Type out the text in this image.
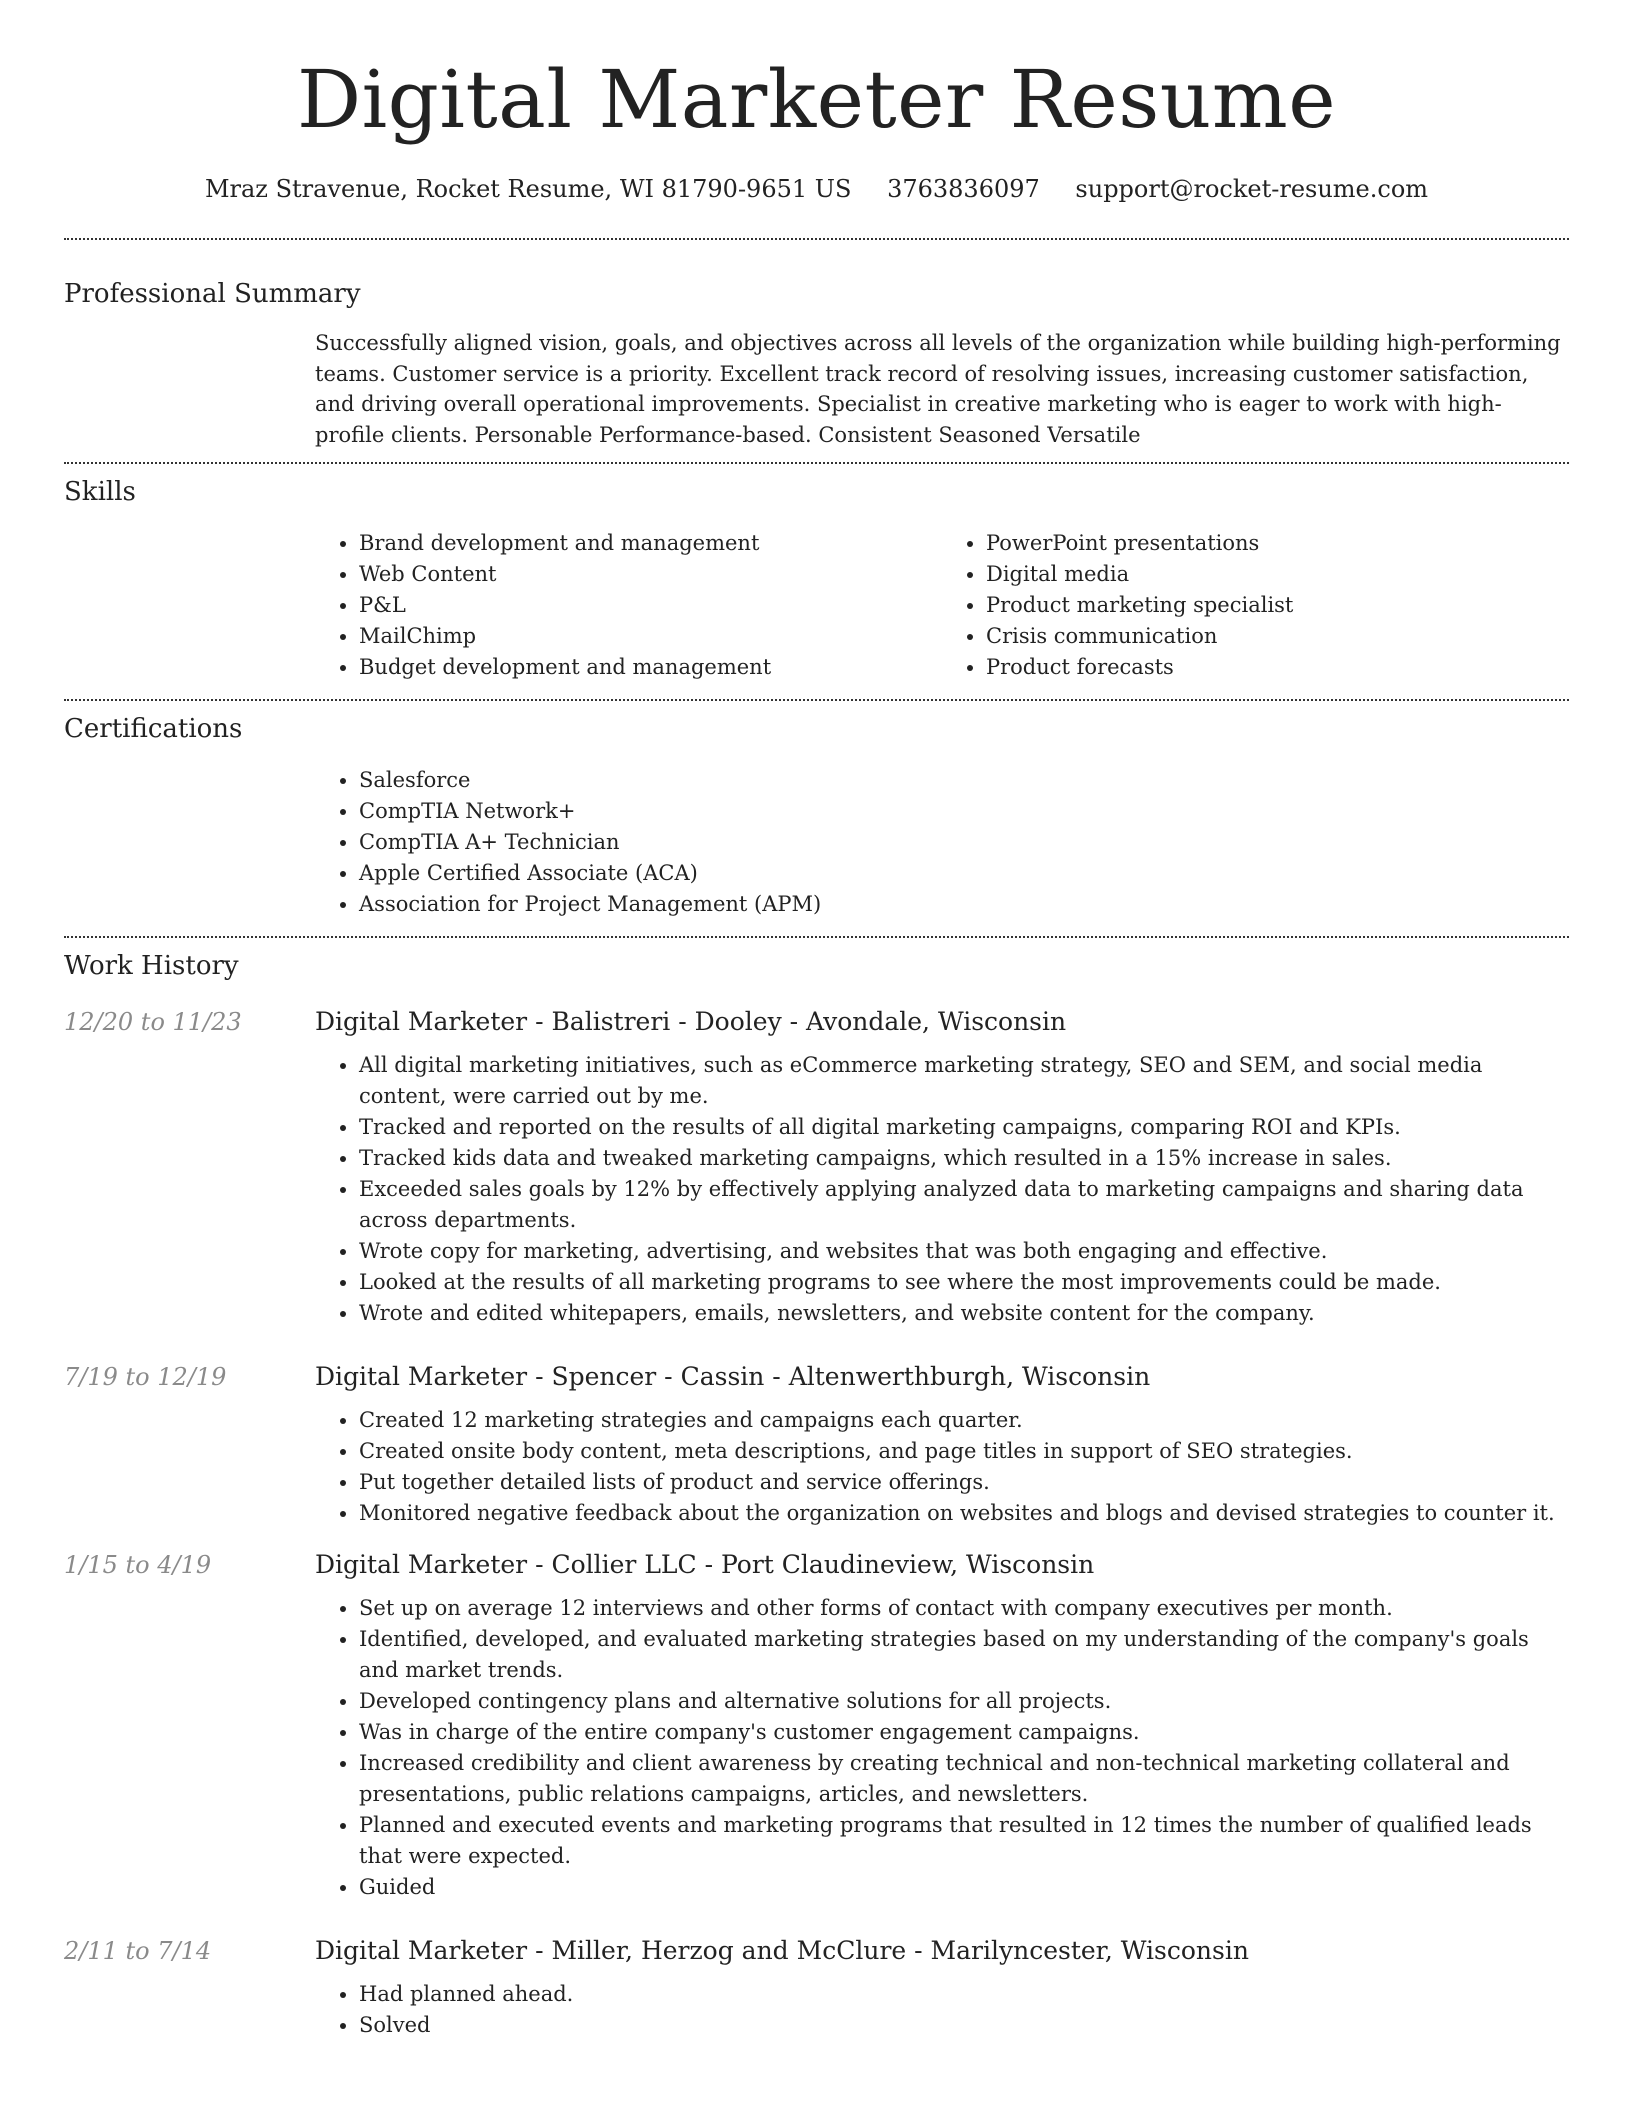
Digital Marketer Resume
Mraz Stravenue, Rocket Resume, WI 81790-9651 US 3763836097 support@rocket-resume.com
Professional Summary
Successfully aligned vision, goals, and objectives across all levels of the organization while building high-performing teams. Customer service is a priority. Excellent track record of resolving issues, increasing customer satisfaction, and driving overall operational improvements. Specialist in creative marketing who is eager to work with high-profile clients. Personable Performance-based. Consistent Seasoned Versatile
Skills
• Brand development and management
• Web Content
• P&L
• MailChimp
• Budget development and management
• PowerPoint presentations
• Digital media
• Product marketing specialist
• Crisis communication
• Product forecasts
Certifications
• Salesforce
• CompTIA Network+
• CompTIA A+ Technician
• Apple Certified Associate (ACA)
• Association for Project Management (APM)
Work History
12/20 to 11/23	Digital Marketer - Balistreri - Dooley - Avondale, Wisconsin
• All digital marketing initiatives, such as eCommerce marketing strategy, SEO and SEM, and social media content, were carried out by me.
• Tracked and reported on the results of all digital marketing campaigns, comparing ROI and KPIs.
• Tracked kids data and tweaked marketing campaigns, which resulted in a 15% increase in sales.
• Exceeded sales goals by 12% by effectively applying analyzed data to marketing campaigns and sharing data across departments.
• Wrote copy for marketing, advertising, and websites that was both engaging and effective.
• Looked at the results of all marketing programs to see where the most improvements could be made.
• Wrote and edited whitepapers, emails, newsletters, and website content for the company.
7/19 to 12/19	Digital Marketer - Spencer - Cassin - Altenwerthburgh, Wisconsin
• Created 12 marketing strategies and campaigns each quarter.
• Created onsite body content, meta descriptions, and page titles in support of SEO strategies.
• Put together detailed lists of product and service offerings.
• Monitored negative feedback about the organization on websites and blogs and devised strategies to counter it.
1/15 to 4/19	Digital Marketer - Collier LLC - Port Claudineview, Wisconsin
• Set up on average 12 interviews and other forms of contact with company executives per month.
• Identified, developed, and evaluated marketing strategies based on my understanding of the company's goals and market trends.
• Developed contingency plans and alternative solutions for all projects.
• Was in charge of the entire company's customer engagement campaigns.
• Increased credibility and client awareness by creating technical and non-technical marketing collateral and presentations, public relations campaigns, articles, and newsletters.
• Planned and executed events and marketing programs that resulted in 12 times the number of qualified leads that were expected.
• Guided
2/11 to 7/14	Digital Marketer - Miller, Herzog and McClure - Marilyncester, Wisconsin
• Had planned ahead.
• Solved
